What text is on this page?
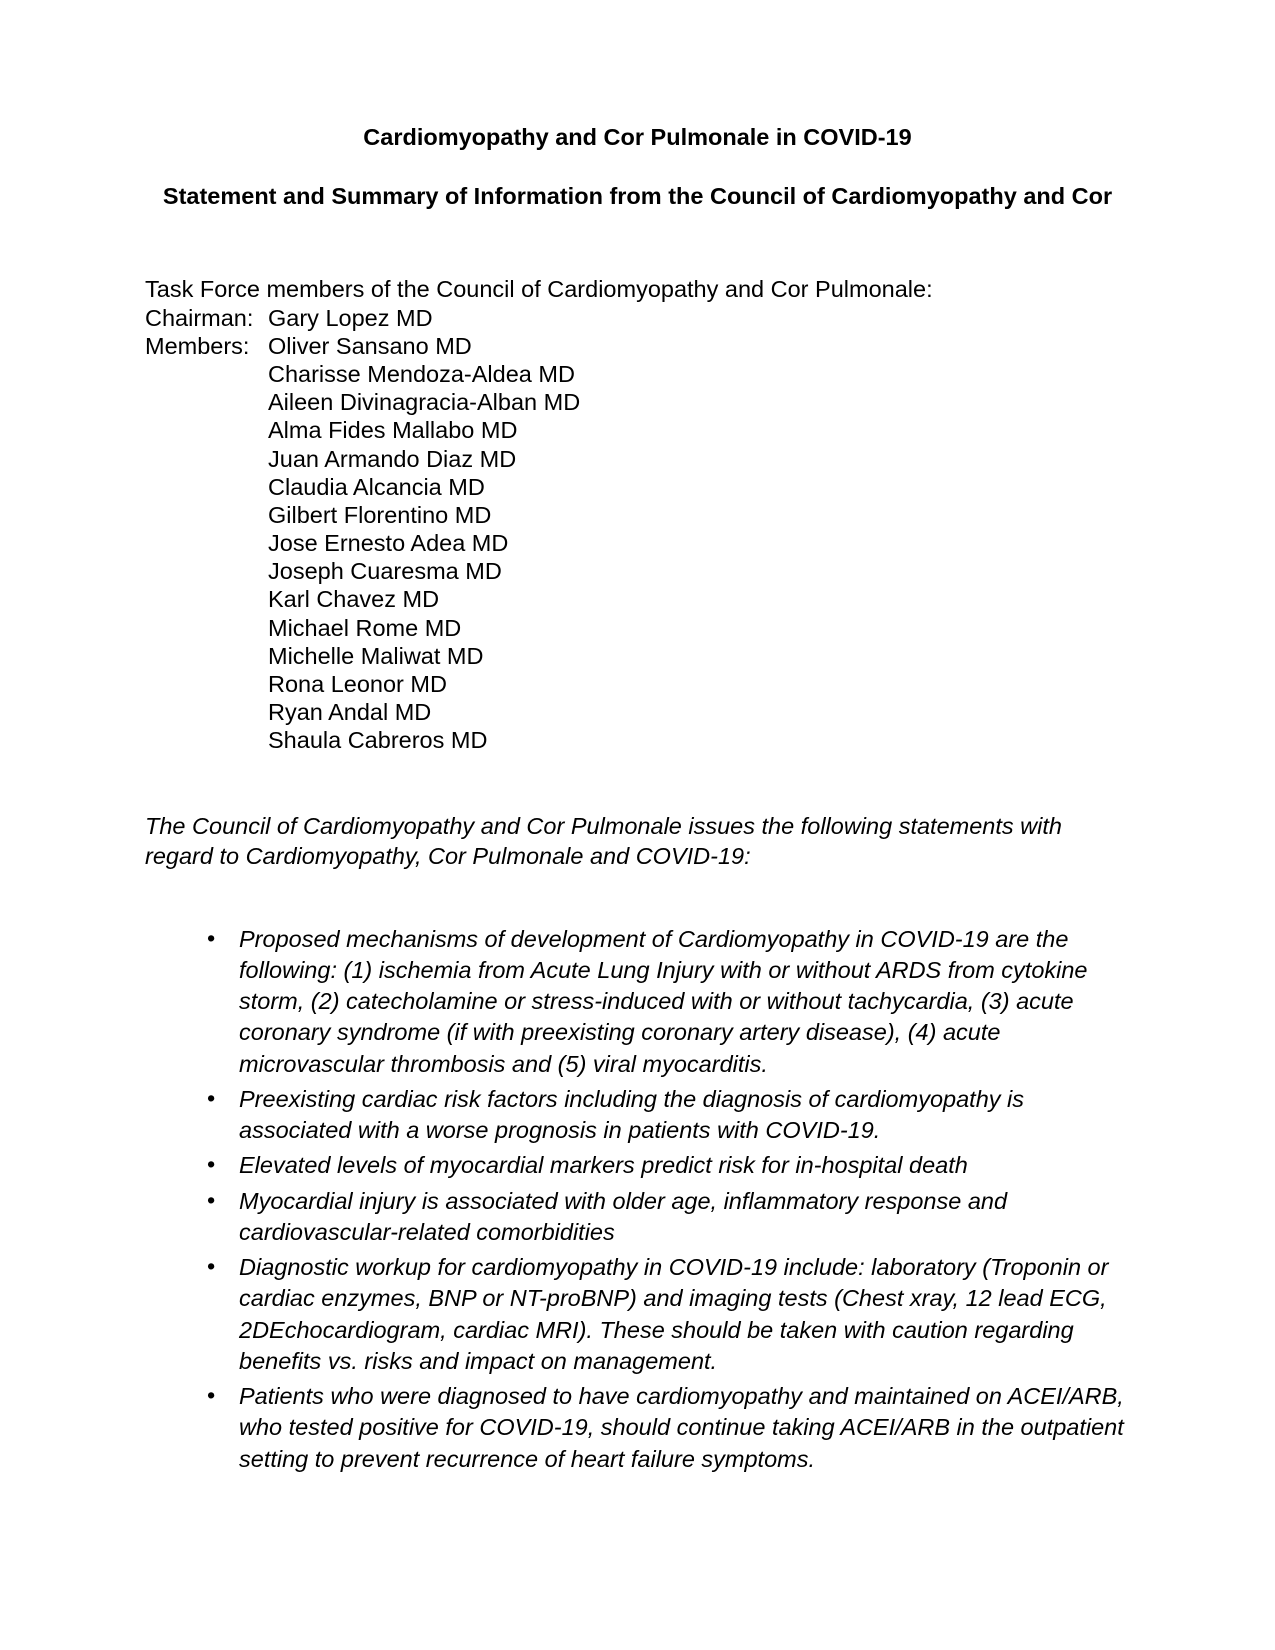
Cardiomyopathy and Cor Pulmonale in COVID-19
Statement and Summary of Information from the Council of Cardiomyopathy and Cor
Task Force members of the Council of Cardiomyopathy and Cor Pulmonale:
Chairman: Gary Lopez MD
Members: Oliver Sansano MD
Charisse Mendoza-Aldea MD
Aileen Divinagracia-Alban MD
Alma Fides Mallabo MD
Juan Armando Diaz MD
Claudia Alcancia MD
Gilbert Florentino MD
Jose Ernesto Adea MD
Joseph Cuaresma MD
Karl Chavez MD
Michael Rome MD
Michelle Maliwat MD
Rona Leonor MD
Ryan Andal MD
Shaula Cabreros MD

The Council of Cardiomyopathy and Cor Pulmonale issues the following statements with regard to Cardiomyopathy, Cor Pulmonale and COVID-19:

• Proposed mechanisms of development of Cardiomyopathy in COVID-19 are the following: (1) ischemia from Acute Lung Injury with or without ARDS from cytokine storm, (2) catecholamine or stress-induced with or without tachycardia, (3) acute coronary syndrome (if with preexisting coronary artery disease), (4) acute microvascular thrombosis and (5) viral myocarditis.
• Preexisting cardiac risk factors including the diagnosis of cardiomyopathy is associated with a worse prognosis in patients with COVID-19.
• Elevated levels of myocardial markers predict risk for in-hospital death
• Myocardial injury is associated with older age, inflammatory response and cardiovascular-related comorbidities
• Diagnostic workup for cardiomyopathy in COVID-19 include: laboratory (Troponin or cardiac enzymes, BNP or NT-proBNP) and imaging tests (Chest xray, 12 lead ECG, 2DEchocardiogram, cardiac MRI). These should be taken with caution regarding benefits vs. risks and impact on management.
• Patients who were diagnosed to have cardiomyopathy and maintained on ACEI/ARB, who tested positive for COVID-19, should continue taking ACEI/ARB in the outpatient setting to prevent recurrence of heart failure symptoms.
